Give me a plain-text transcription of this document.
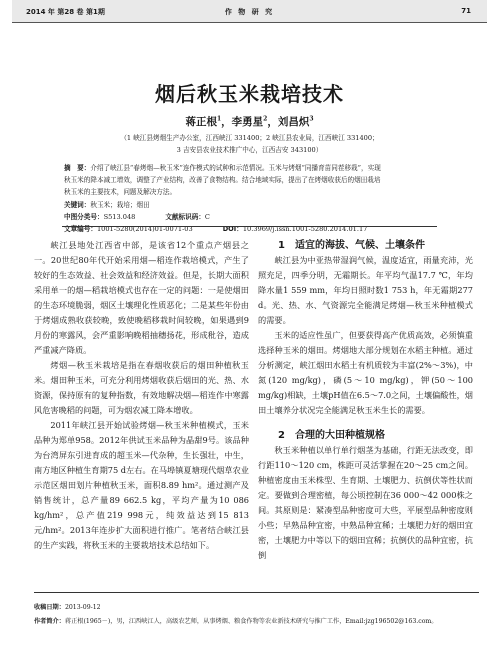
2014 年 第28 卷 第1期	作 物 研 究	71
烟后秋玉米栽培技术
蒋正根$^1$，李勇星$^2$，刘昌炽$^3$
（1 峡江县烤烟生产办公室，江西峡江 331400；2 峡江县农业局，江西峡江 331400；
3 吉安县农业技术推广中心，江西吉安 343100）
摘　要：介绍了峡江县“春烤烟—秋玉米”连作模式的试种和示范情况。玉米与烤烟“同播育苗同茬移栽”，实现
秋玉米的降本减工增效，调整了产业结构，改善了食物结构。结合地域实际，提出了在烤烟收获后的烟田栽培
秋玉米的主要技术，问题及解决方法。
关键词：秋玉米；栽培；烟田
中图分类号：S513.048	文献标识码：C
文章编号：1001-5280(2014)01-0071-03	DOI：10.3969/j.issn.1001-5280.2014.01.17

峡江县地处江西省中部，是该省12个重点产烟县之一。20世纪80年代开始采用烟—稻连作栽培模式，产生了较好的生态效益、社会效益和经济效益。但是，长期大面积采用单一的烟—稻栽培模式也存在一定的问题：一是使烟田的生态环境脆弱，烟区土壤理化性质恶化；二是某些年份由于烤烟成熟收获较晚，致使晚稻移栽时间较晚，如果遇到9月份的寒露风，会严重影响晚稻抽穗扬花，形成秕谷，造成严重减产降质。

烤烟—秋玉米栽培是指在春烟收获后的烟田种植秋玉米。烟田种玉米，可充分利用烤烟收获后烟田的光、热、水资源，保持原有的复种指数，有效地解决烟—稻连作中寒露风危害晚稻的问题，可为烟农减工降本增收。

2011年峡江县开始试验烤烟—秋玉米种植模式，玉米品种为郑单958。2012年供试玉米品种为晶甜9号。该品种为台湾屏东引进育成的超玉米—代杂种，生长强壮，中生，南方地区种植生育期75 d左右。在马埠镇夏塘现代烟草农业示范区烟田划片种植秋玉米，面积8.89 hm²。通过测产及销售统计，总产量89 662.5 kg，平均产量为10 086 kg/hm²，总产值219 998元，纯效益达到15 813元/hm²。2013年连步扩大面积进行推广。笔者结合峡江县的生产实践，将秋玉米的主要栽培技术总结如下。

1 适宜的海拔、气候、土壤条件

峡江县为中亚热带湿润气候，温度适宜，雨量充沛，光照充足，四季分明，无霜期长。年平均气温17.7 ℃，年均降水量1 559 mm，年均日照时数1 753 h，年无霜期277 d。光、热、水、气资源完全能满足烤烟—秋玉米种植模式的需要。

玉米的适应性虽广，但要获得高产优质高效，必须慎重选择种玉米的烟田。烤烟地大部分规划在水稻主种植。通过分析测定，峡江烟田水稻土有机质较为丰富(2%～3%)，中氮(120 mg/kg)，磷(5～10 mg/kg)，钾(50～100 mg/kg)相缺，土壤pH值在6.5～7.0之间，土壤偏酸性，烟田土壤养分状况完全能满足秋玉米生长的需要。

2 合理的大田种植规格

秋玉米种植以单行单行烟茎为基础，行距无法改变，即行距110～120 cm，株距可灵活掌握在20～25 cm之间。种植密度由玉米株型、生育期、土壤肥力、抗倒伏等性状而定。要做到合理密植，每公顷控制在36 000～42 000株之间。其原则是：紧凑型品种密度可大些，平展型品种密度则小些；早熟品种宜密，中熟品种宜稀；土壤肥力好的烟田宜密，土壤肥力中等以下的烟田宜稀；抗倒伏的品种宜密，抗倒

收稿日期：2013-09-12
作者简介：蒋正根(1965－)，男，江西峡江人，高级农艺师，从事烤烟、粮食作物等农业新技术研究与推广工作，Email:jzg196502@163.com。
